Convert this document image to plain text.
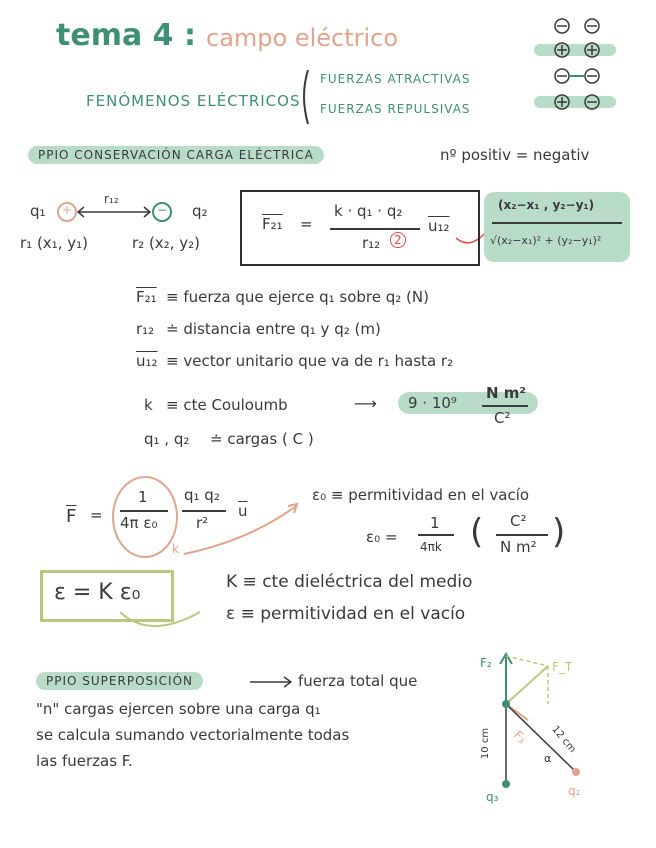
tema 4 : campo eléctrico
FENÓMENOS ELÉCTRICOS
FUERZAS ATRACTIVAS
FUERZAS REPULSIVAS
PPIO CONSERVACIÓN CARGA ELÉCTRICA	nº positiv = negativ
q₁ +	−
r₁₂
q₂
r₁ (x₁, y₁)	r₂ (x₂, y₂)
F₂₁ =
k · q₁ · q₂
r₁₂	2
u₁₂
(x₂−x₁ , y₂−y₁)
√(x₂−x₁)² + (y₂−y₁)²
F₂₁ ≡ fuerza que ejerce q₁ sobre q₂ (N)
r₁₂ ≐ distancia entre q₁ y q₂ (m)
u₁₂ ≡ vector unitario que va de r₁ hasta r₂
k ≡ cte Couloumb	⟶
q₁ , q₂ ≐ cargas ( C )
9 · 10⁹
N m²
C²
$\overline{F}$ =
1
4π ε₀
k
q₁ q₂
r²
$\overline{u}$
ε₀ ≡ permitividad en el vacío
ε₀ =
1
4πk ( C²
N m² )
ε = K ε₀	K ≡ cte dieléctrica del medio
ε ≡ permitividad en el vacío
PPIO SUPERPOSICIÓN	fuerza total que
"n" cargas ejercen sobre una carga q₁
se calcula sumando vectorialmente todas
las fuerzas F.
F₂	F_T
F₃
10 cm	12 cm
α
q₃	q₂
